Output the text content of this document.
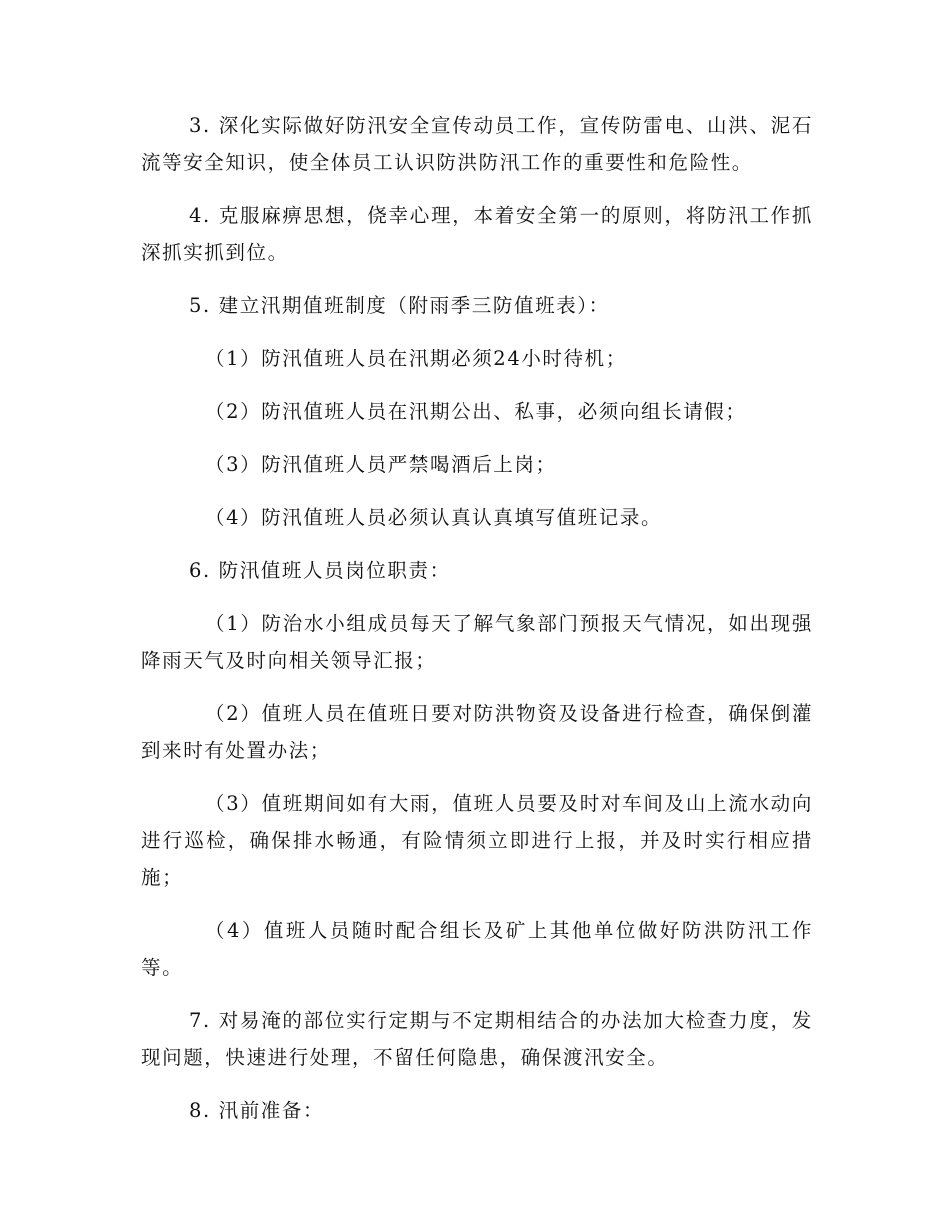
3. 深化实际做好防汛安全宣传动员工作，宣传防雷电、山洪、泥石流等安全知识，使全体员工认识防洪防汛工作的重要性和危险性。

4. 克服麻痹思想，侥幸心理，本着安全第一的原则，将防汛工作抓深抓实抓到位。

5. 建立汛期值班制度（附雨季三防值班表）：

（1）防汛值班人员在汛期必须24小时待机；

（2）防汛值班人员在汛期公出、私事，必须向组长请假；

（3）防汛值班人员严禁喝酒后上岗；

（4）防汛值班人员必须认真认真填写值班记录。

6. 防汛值班人员岗位职责：

（1）防治水小组成员每天了解气象部门预报天气情况，如出现强降雨天气及时向相关领导汇报；

（2）值班人员在值班日要对防洪物资及设备进行检查，确保倒灌到来时有处置办法；

（3）值班期间如有大雨，值班人员要及时对车间及山上流水动向进行巡检，确保排水畅通，有险情须立即进行上报，并及时实行相应措施；

（4）值班人员随时配合组长及矿上其他单位做好防洪防汛工作等。

7. 对易淹的部位实行定期与不定期相结合的办法加大检查力度，发现问题，快速进行处理，不留任何隐患，确保渡汛安全。

8. 汛前准备：
